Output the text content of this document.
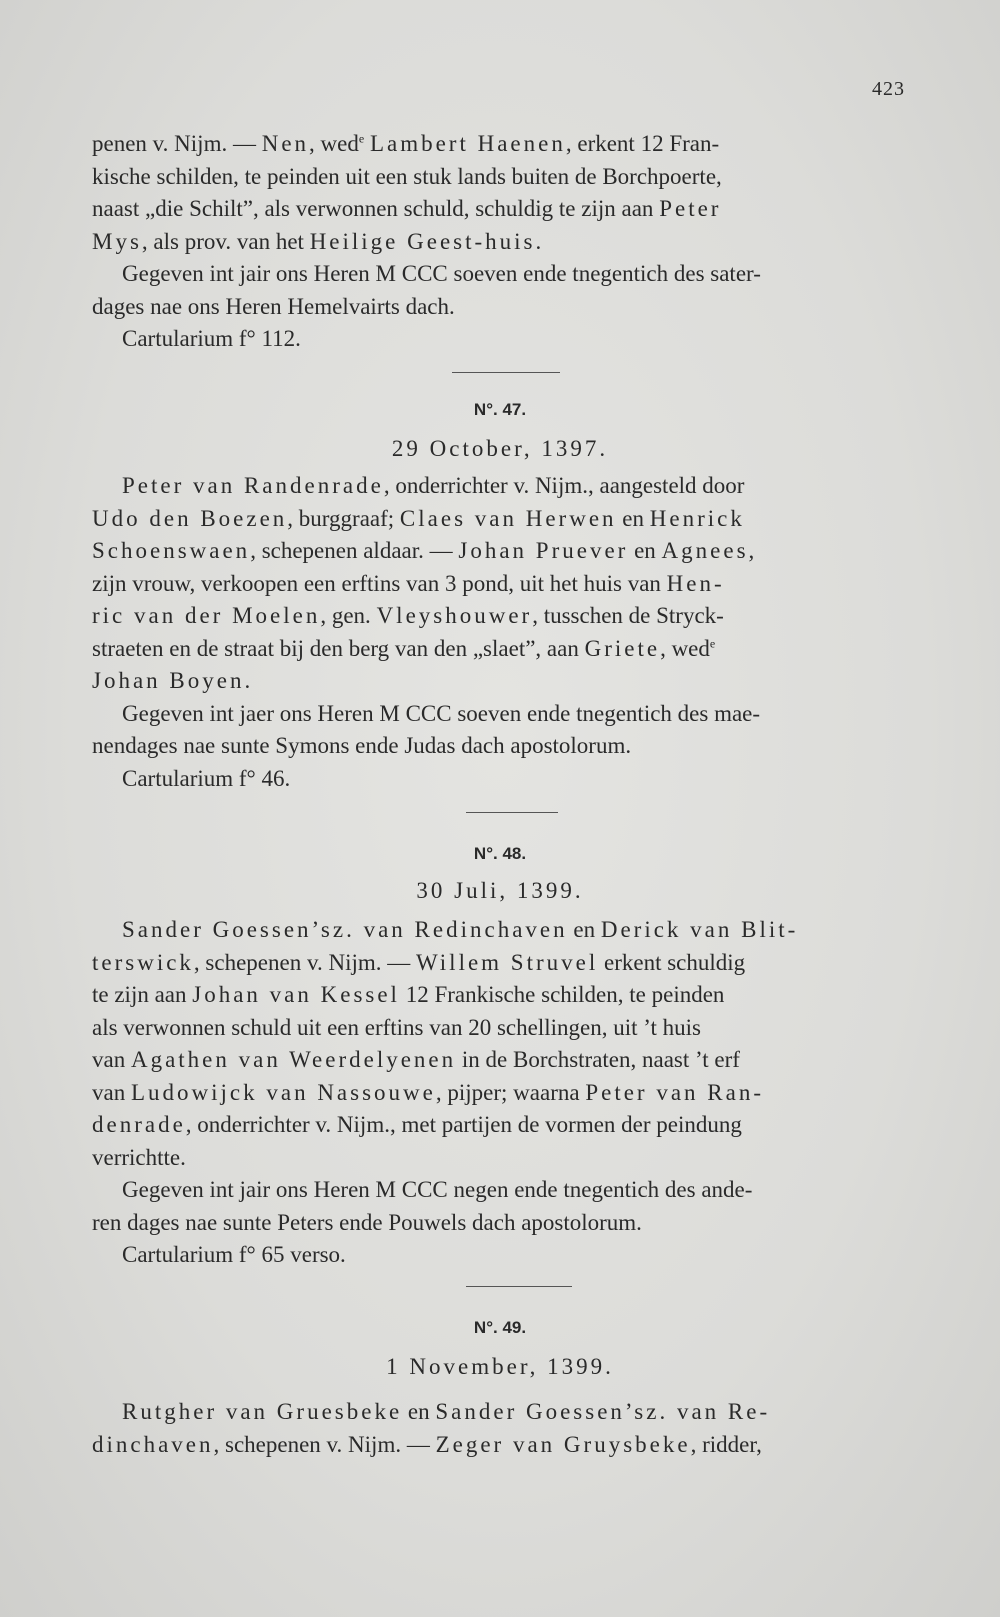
423
penen v. Nijm. — Nen, wed$^e$ Lambert Haenen, erkent 12 Fran-
kische schilden, te peinden uit een stuk lands buiten de Borchpoerte,
naast „die Schilt”, als verwonnen schuld, schuldig te zijn aan Peter
Mys, als prov. van het Heilige Geest-huis.
Gegeven int jair ons Heren M CCC soeven ende tnegentich des sater-
dages nae ons Heren Hemelvairts dach.
Cartularium f° 112.
N°. 47.
29 October, 1397.
Peter van Randenrade, onderrichter v. Nijm., aangesteld door
Udo den Boezen, burggraaf; Claes van Herwen en Henrick
Schoenswaen, schepenen aldaar. — Johan Pruever en Agnees,
zijn vrouw, verkoopen een erftins van 3 pond, uit het huis van Hen-
ric van der Moelen, gen. Vleyshouwer, tusschen de Stryck-
straeten en de straat bij den berg van den „slaet”, aan Griete, wed$^e$
Johan Boyen.
Gegeven int jaer ons Heren M CCC soeven ende tnegentich des mae-
nendages nae sunte Symons ende Judas dach apostolorum.
Cartularium f° 46.
N°. 48.
30 Juli, 1399.
Sander Goessen’sz. van Redinchaven en Derick van Blit-
terswick, schepenen v. Nijm. — Willem Struvel erkent schuldig
te zijn aan Johan van Kessel 12 Frankische schilden, te peinden
als verwonnen schuld uit een erftins van 20 schellingen, uit ’t huis
van Agathen van Weerdelyenen in de Borchstraten, naast ’t erf
van Ludowijck van Nassouwe, pijper; waarna Peter van Ran-
denrade, onderrichter v. Nijm., met partijen de vormen der peindung
verrichtte.
Gegeven int jair ons Heren M CCC negen ende tnegentich des ande-
ren dages nae sunte Peters ende Pouwels dach apostolorum.
Cartularium f° 65 verso.
N°. 49.
1 November, 1399.
Rutgher van Gruesbeke en Sander Goessen’sz. van Re-
dinchaven, schepenen v. Nijm. — Zeger van Gruysbeke, ridder,
